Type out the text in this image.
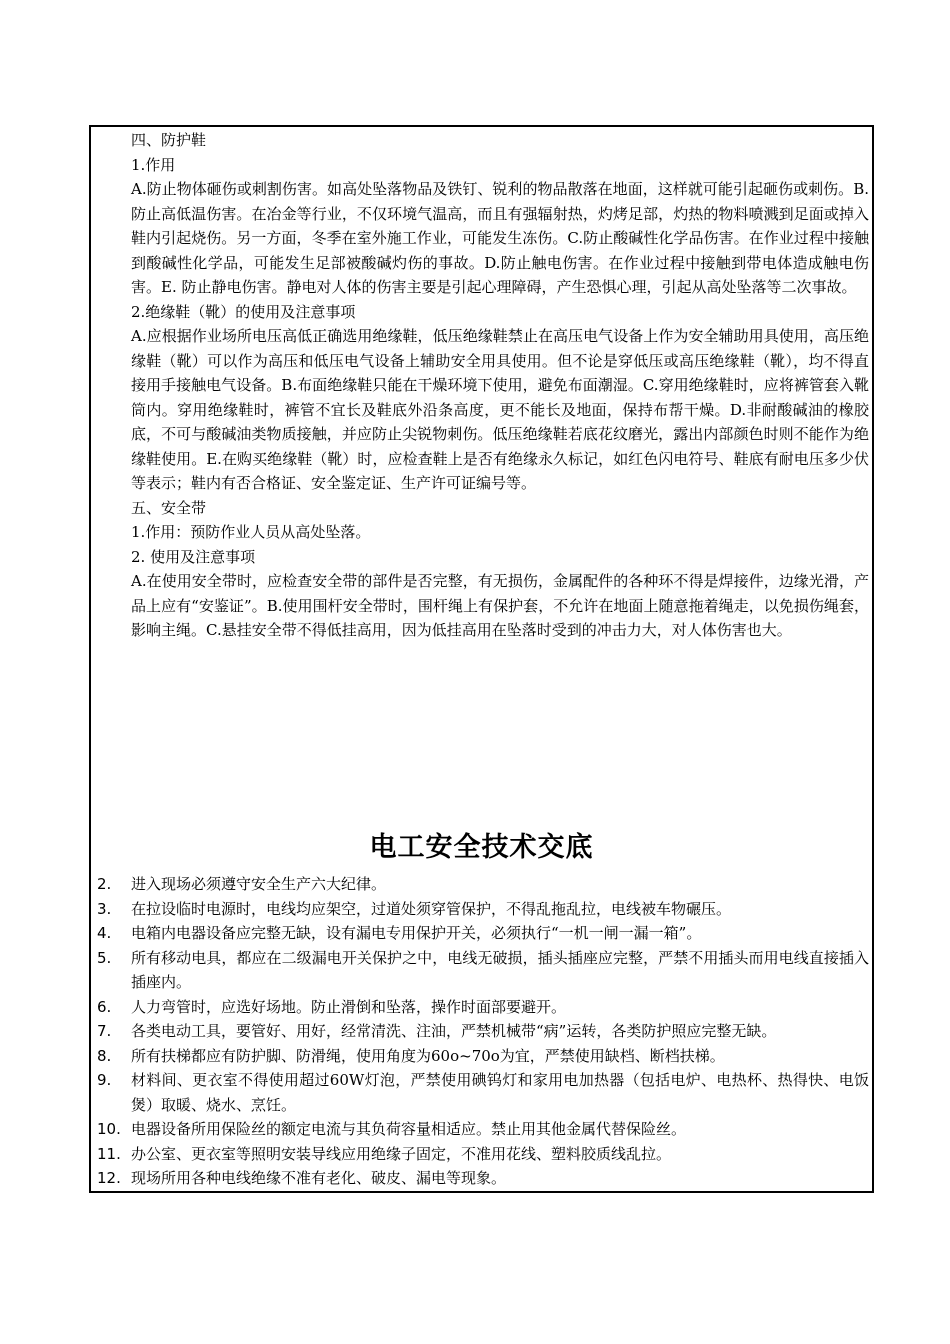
四、防护鞋

1.作用

A.防止物体砸伤或刺割伤害。如高处坠落物品及铁钉、锐利的物品散落在地面，这样就可能引起砸伤或刺伤。B.防止高低温伤害。在冶金等行业，不仅环境气温高，而且有强辐射热，灼烤足部，灼热的物料喷溅到足面或掉入鞋内引起烧伤。另一方面，冬季在室外施工作业，可能发生冻伤。C.防止酸碱性化学品伤害。在作业过程中接触到酸碱性化学品，可能发生足部被酸碱灼伤的事故。D.防止触电伤害。在作业过程中接触到带电体造成触电伤害。E. 防止静电伤害。静电对人体的伤害主要是引起心理障碍，产生恐惧心理，引起从高处坠落等二次事故。

2.绝缘鞋（靴）的使用及注意事项

A.应根据作业场所电压高低正确选用绝缘鞋，低压绝缘鞋禁止在高压电气设备上作为安全辅助用具使用，高压绝缘鞋（靴）可以作为高压和低压电气设备上辅助安全用具使用。但不论是穿低压或高压绝缘鞋（靴），均不得直接用手接触电气设备。B.布面绝缘鞋只能在干燥环境下使用，避免布面潮湿。C.穿用绝缘鞋时，应将裤管套入靴筒内。穿用绝缘鞋时，裤管不宜长及鞋底外沿条高度，更不能长及地面，保持布帮干燥。D.非耐酸碱油的橡胶底，不可与酸碱油类物质接触，并应防止尖锐物刺伤。低压绝缘鞋若底花纹磨光，露出内部颜色时则不能作为绝缘鞋使用。E.在购买绝缘鞋（靴）时，应检查鞋上是否有绝缘永久标记，如红色闪电符号、鞋底有耐电压多少伏等表示；鞋内有否合格证、安全鉴定证、生产许可证编号等。

五、安全带

1.作用：预防作业人员从高处坠落。

2. 使用及注意事项

A.在使用安全带时，应检查安全带的部件是否完整，有无损伤，金属配件的各种环不得是焊接件，边缘光滑，产品上应有“安鉴证”。B.使用围杆安全带时，围杆绳上有保护套，不允许在地面上随意拖着绳走，以免损伤绳套，影响主绳。C.悬挂安全带不得低挂高用，因为低挂高用在坠落时受到的冲击力大，对人体伤害也大。

电工安全技术交底
2.	进入现场必须遵守安全生产六大纪律。
3.	在拉设临时电源时，电线均应架空，过道处须穿管保护，不得乱拖乱拉，电线被车物碾压。
4.	电箱内电器设备应完整无缺，设有漏电专用保护开关，必须执行“一机一闸一漏一箱”。
5.	所有移动电具，都应在二级漏电开关保护之中，电线无破损，插头插座应完整，严禁不用插头而用电线直接插入插座内。
6.	人力弯管时，应选好场地。防止滑倒和坠落，操作时面部要避开。
7.	各类电动工具，要管好、用好，经常清洗、注油，严禁机械带“病”运转，各类防护照应完整无缺。
8.	所有扶梯都应有防护脚、防滑绳，使用角度为60o~70o为宜，严禁使用缺档、断档扶梯。
9.	材料间、更衣室不得使用超过60W灯泡，严禁使用碘钨灯和家用电加热器（包括电炉、电热杯、热得快、电饭煲）取暖、烧水、烹饪。
10. 电器设备所用保险丝的额定电流与其负荷容量相适应。禁止用其他金属代替保险丝。
11. 办公室、更衣室等照明安装导线应用绝缘子固定，不准用花线、塑料胶质线乱拉。
12. 现场所用各种电线绝缘不准有老化、破皮、漏电等现象。
